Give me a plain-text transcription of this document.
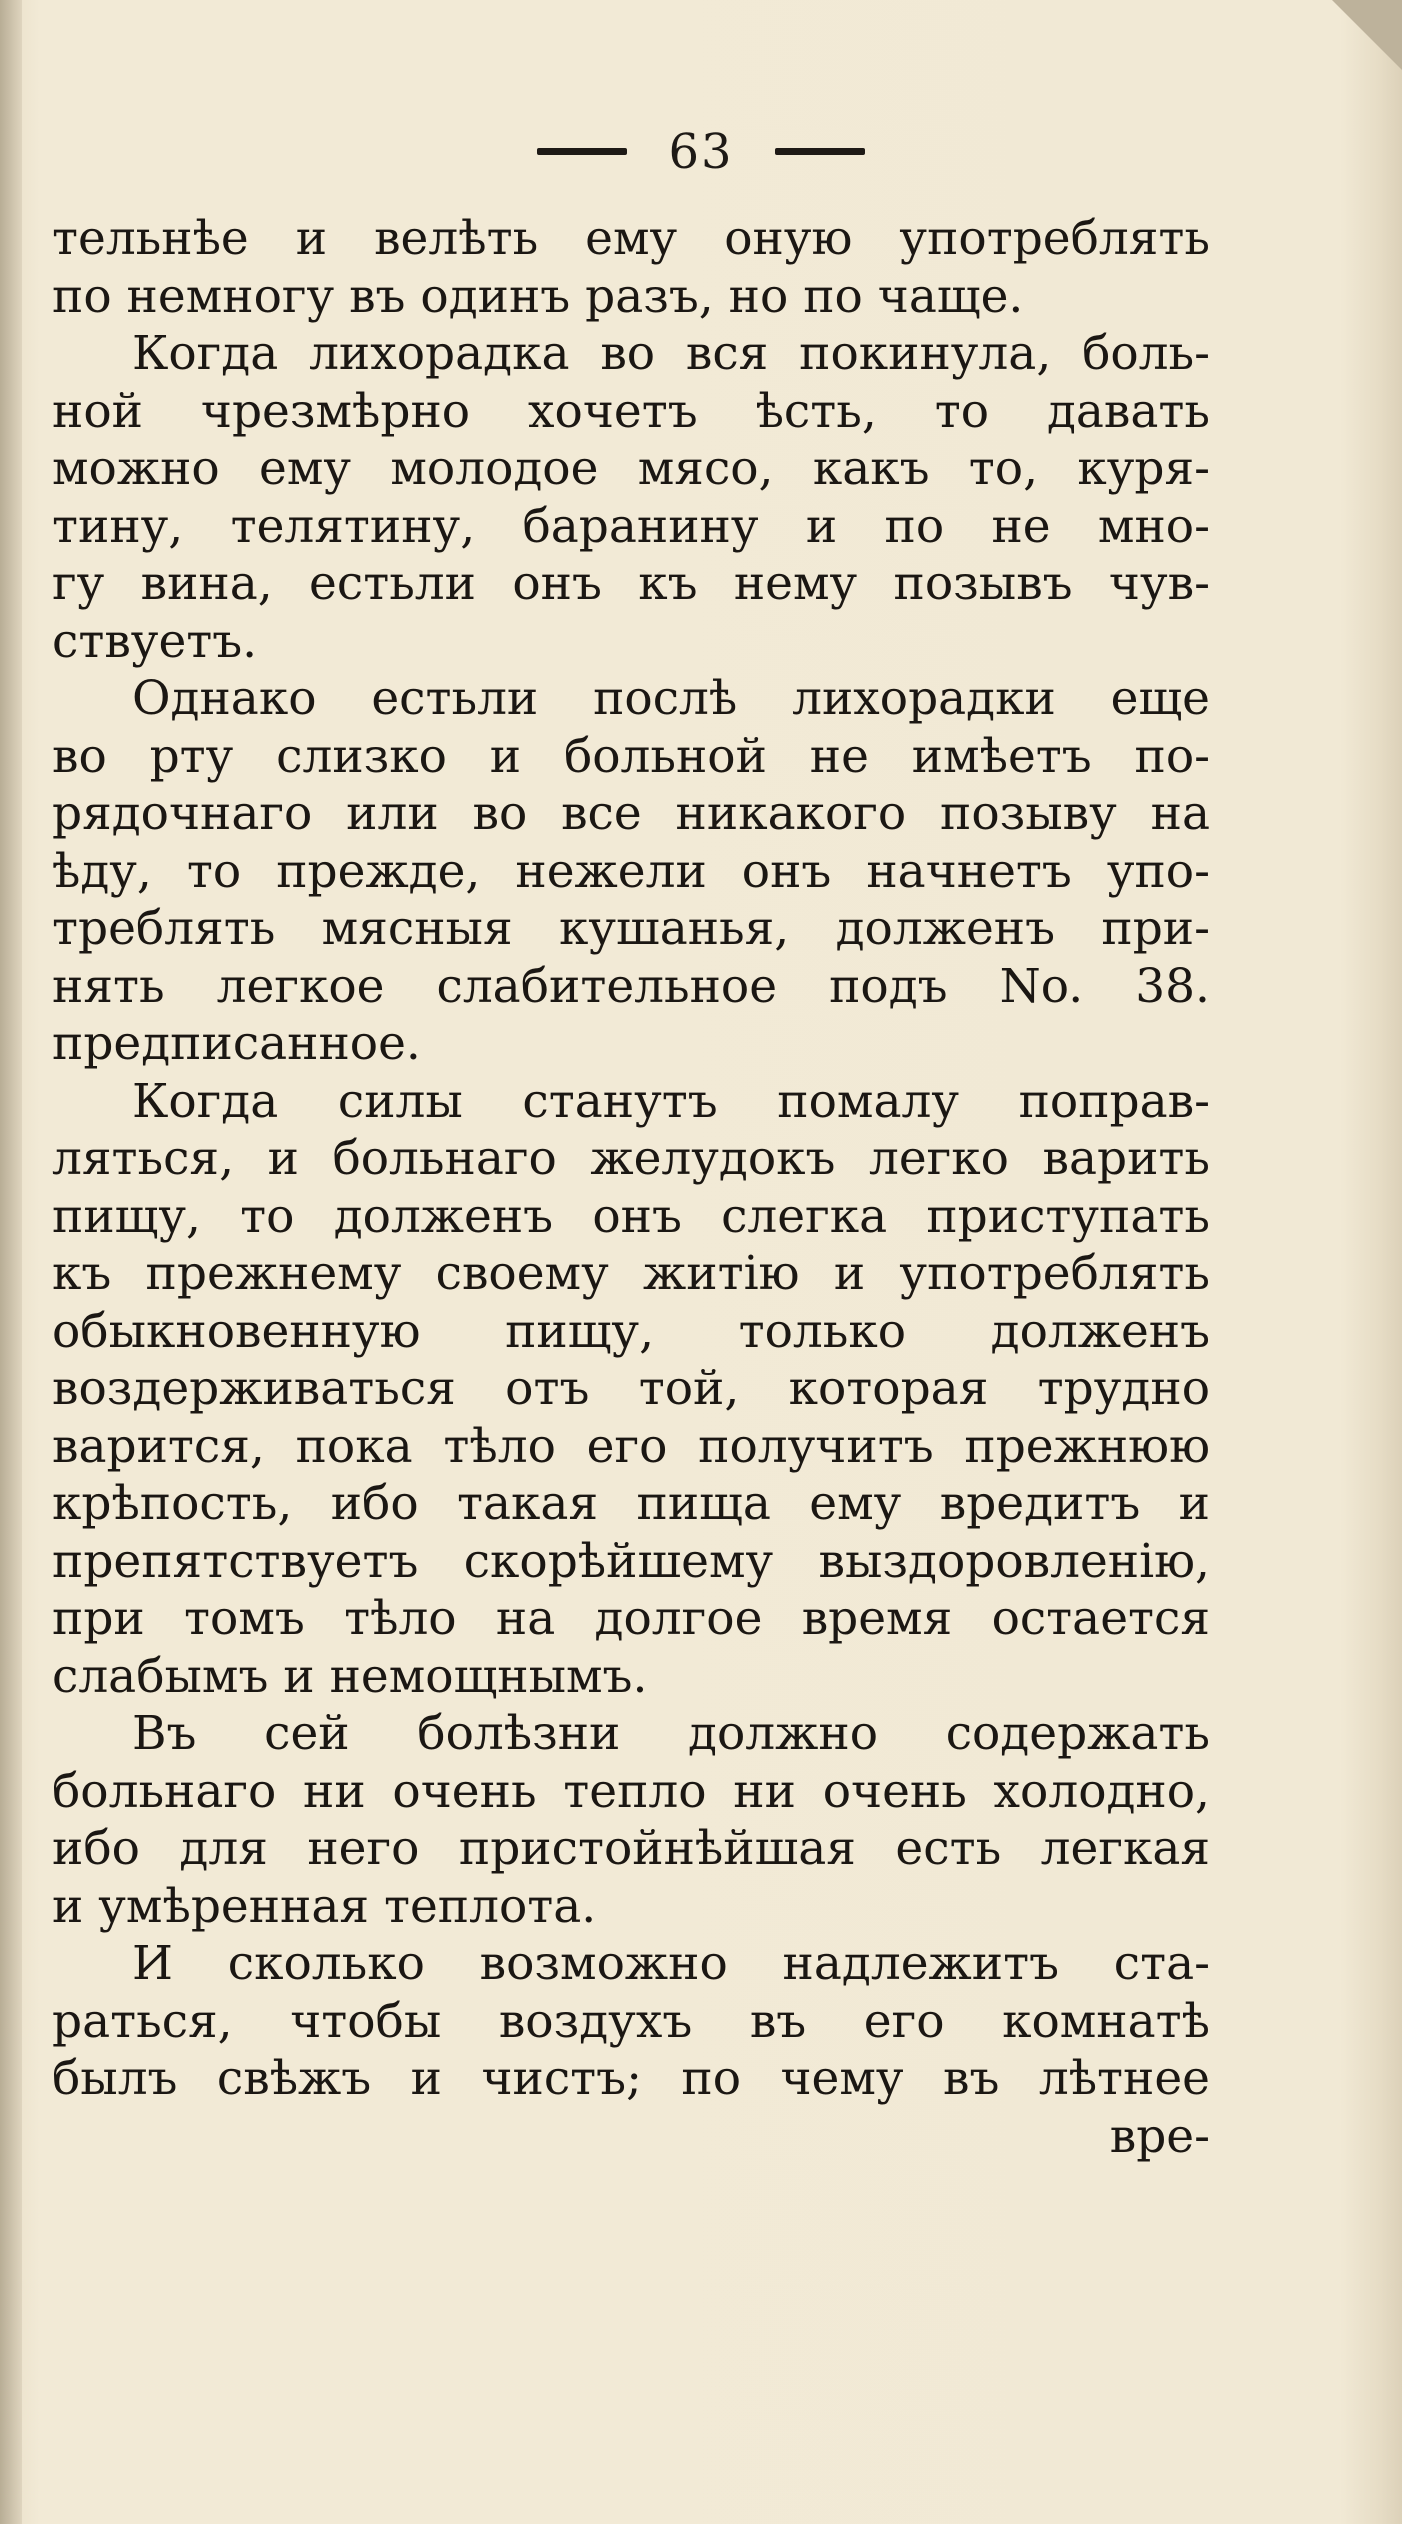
63
тельнѣе и велѣть ему оную употреблять
по немногу въ одинъ разъ, но по чаще.
Когда лихорадка во вся покинула, боль-
ной чрезмѣрно хочетъ ѣсть, то давать
можно ему молодое мясо, какъ то, куря-
тину, телятину, баранину и по не мно-
гу вина, естьли онъ къ нему позывъ чув-
ствуетъ.
Однако естьли послѣ лихорадки еще
во рту слизко и больной не имѣетъ по-
рядочнаго или во все никакого позыву на
ѣду, то прежде, нежели онъ начнетъ упо-
треблять мясныя кушанья, долженъ при-
нять легкое слабительное подъ No. 38.
предписанное.
Когда силы станутъ помалу поправ-
ляться, и больнаго желудокъ легко варить
пищу, то долженъ онъ слегка приступать
къ прежнему своему житію и употреблять
обыкновенную пищу, только долженъ
воздерживаться отъ той, которая трудно
варится, пока тѣло его получитъ прежнюю
крѣпость, ибо такая пища ему вредитъ и
препятствуетъ скорѣйшему выздоровленію,
при томъ тѣло на долгое время остается
слабымъ и немощнымъ.
Въ сей болѣзни должно содержать
больнаго ни очень тепло ни очень холодно,
ибо для него пристойнѣйшая есть легкая
и умѣренная теплота.
И сколько возможно надлежитъ ста-
раться, чтобы воздухъ въ его комнатѣ
былъ свѣжъ и чистъ; по чему въ лѣтнее
вре-
